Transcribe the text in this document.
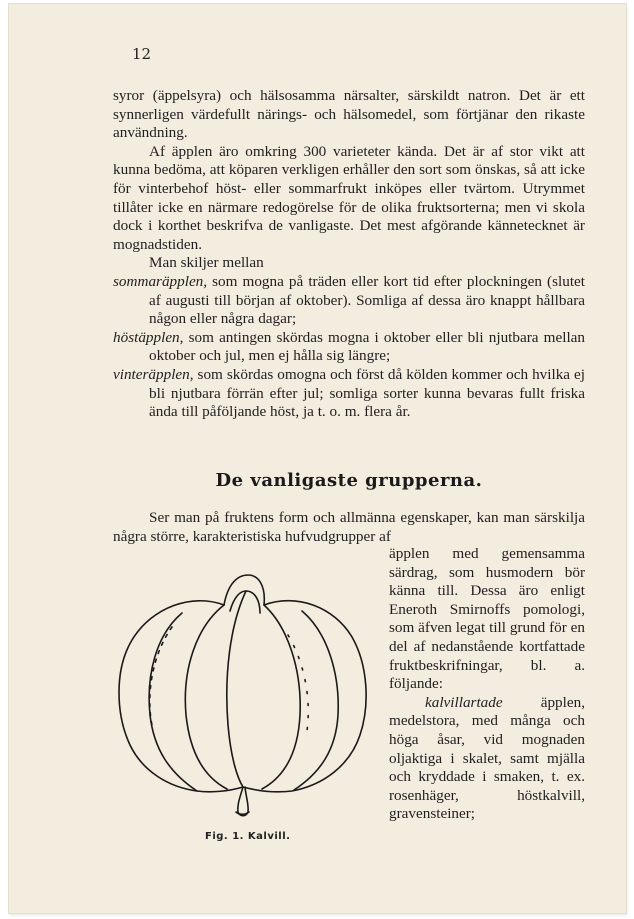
12

syror (äppelsyra) och hälsosamma närsalter, särskildt natron. Det är ett synnerligen värdefullt närings- och hälsomedel, som förtjänar den rikaste användning.

Af äpplen äro omkring 300 varieteter kända. Det är af stor vikt att kunna bedöma, att köparen verkligen erhåller den sort som önskas, så att icke för vinterbehof höst- eller sommarfrukt inköpes eller tvärtom. Utrymmet tillåter icke en närmare redogörelse för de olika fruktsorterna; men vi skola dock i korthet beskrifva de vanligaste. Det mest afgörande kännetecknet är mognadstiden.

Man skiljer mellan

sommaräpplen, som mogna på träden eller kort tid efter plockningen (slutet af augusti till början af oktober). Somliga af dessa äro knappt hållbara någon eller några dagar;

höstäpplen, som antingen skördas mogna i oktober eller bli njutbara mellan oktober och jul, men ej hålla sig längre;

vinteräpplen, som skördas omogna och först då kölden kommer och hvilka ej bli njutbara förrän efter jul; somliga sorter kunna bevaras fullt friska ända till påföljande höst, ja t. o. m. flera år.

De vanligaste grupperna.

Ser man på fruktens form och allmänna egenskaper, kan man särskilja några större, karakteristiska hufvudgrupper af

äpplen med gemensamma särdrag, som husmodern bör känna till. Dessa äro enligt Eneroth Smirnoffs pomologi, som äfven legat till grund för en del af nedanstående kortfattade fruktbeskrifningar, bl. a. följande:

kalvillartade äpplen, medelstora, med många och höga åsar, vid mognaden oljaktiga i skalet, samt mjälla och kryddade i smaken, t. ex. rosenhäger, höstkalvill, gravensteiner;

Fig. 1. Kalvill.
